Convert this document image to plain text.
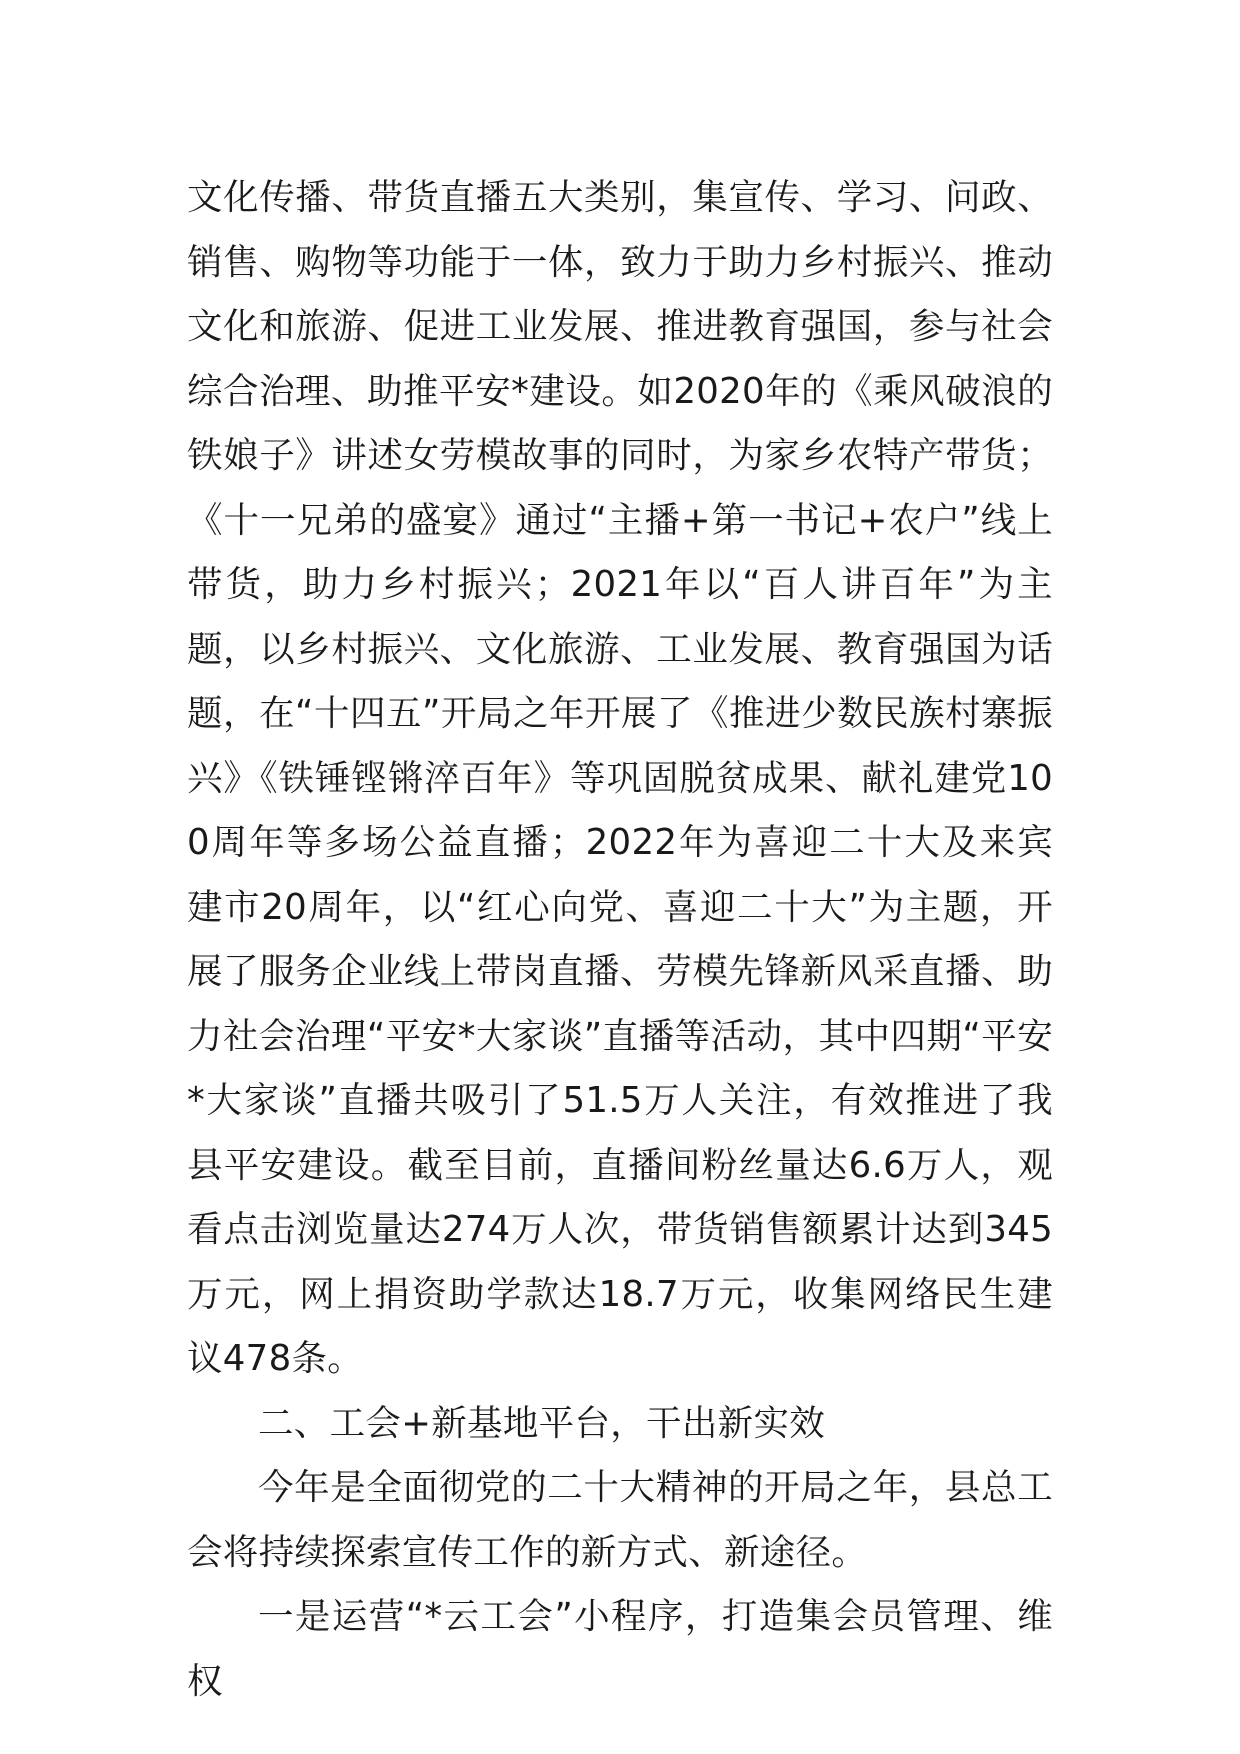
文化传播、带货直播五大类别，集宣传、学习、问政、销售、购物等功能于一体，致力于助力乡村振兴、推动文化和旅游、促进工业发展、推进教育强国，参与社会综合治理、助推平安*建设。如2020年的《乘风破浪的铁娘子》讲述女劳模故事的同时，为家乡农特产带货；《十一兄弟的盛宴》通过“主播+第一书记+农户”线上带货，助力乡村振兴；2021年以“百人讲百年”为主题，以乡村振兴、文化旅游、工业发展、教育强国为话题，在“十四五”开局之年开展了《推进少数民族村寨振兴》《铁锤铿锵淬百年》等巩固脱贫成果、献礼建党100周年等多场公益直播；2022年为喜迎二十大及来宾建市20周年，以“红心向党、喜迎二十大”为主题，开展了服务企业线上带岗直播、劳模先锋新风采直播、助力社会治理“平安*大家谈”直播等活动，其中四期“平安*大家谈”直播共吸引了51.5万人关注，有效推进了我县平安建设。截至目前，直播间粉丝量达6.6万人，观看点击浏览量达274万人次，带货销售额累计达到345万元，网上捐资助学款达18.7万元，收集网络民生建议478条。

二、工会+新基地平台，干出新实效

今年是全面彻党的二十大精神的开局之年，县总工会将持续探索宣传工作的新方式、新途径。

一是运营“*云工会”小程序，打造集会员管理、维权
